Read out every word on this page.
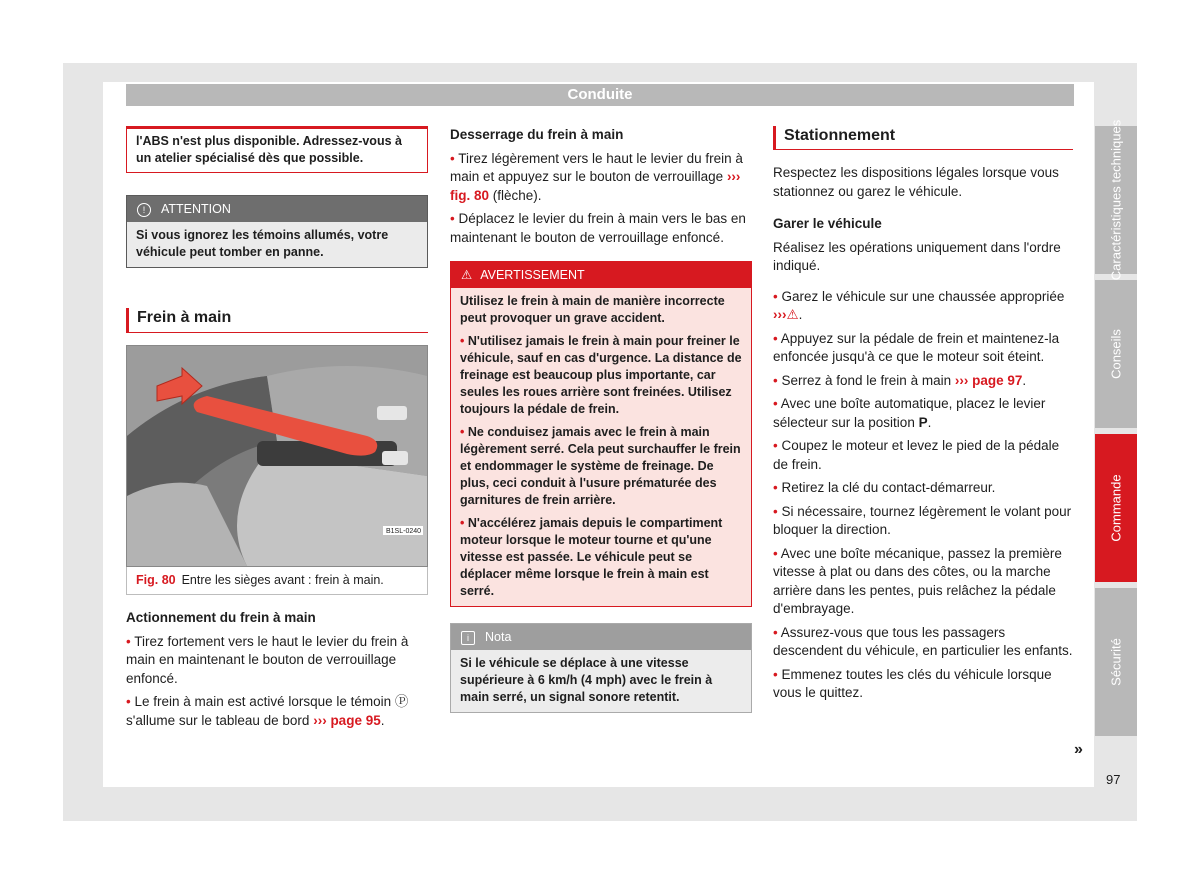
Conduite
l'ABS n'est plus disponible. Adressez-vous à un atelier spécialisé dès que possible.
! ATTENTION
Si vous ignorez les témoins allumés, votre véhicule peut tomber en panne.
Frein à main
B1SL-0240
Fig. 80 Entre les sièges avant : frein à main.

Actionnement du frein à main

• Tirez fortement vers le haut le levier du frein à main en maintenant le bouton de verrouillage enfoncé.

• Le frein à main est activé lorsque le témoin Ⓟ s'allume sur le tableau de bord ››› page 95.

Desserrage du frein à main

• Tirez légèrement vers le haut le levier du frein à main et appuyez sur le bouton de verrouillage ››› fig. 80 (flèche).

• Déplacez le levier du frein à main vers le bas en maintenant le bouton de verrouillage enfoncé.

⚠ AVERTISSEMENT

Utilisez le frein à main de manière incorrecte peut provoquer un grave accident.

• N'utilisez jamais le frein à main pour freiner le véhicule, sauf en cas d'urgence. La distance de freinage est beaucoup plus importante, car seules les roues arrière sont freinées. Utilisez toujours la pédale de frein.

• Ne conduisez jamais avec le frein à main légèrement serré. Cela peut surchauffer le frein et endommager le système de freinage. De plus, ceci conduit à l'usure prématurée des garnitures de frein arrière.

• N'accélérez jamais depuis le compartiment moteur lorsque le moteur tourne et qu'une vitesse est passée. Le véhicule peut se déplacer même lorsque le frein à main est serré.

i Nota
Si le véhicule se déplace à une vitesse supérieure à 6 km/h (4 mph) avec le frein à main serré, un signal sonore retentit.
Stationnement

Respectez les dispositions légales lorsque vous stationnez ou garez le véhicule.

Garer le véhicule

Réalisez les opérations uniquement dans l'ordre indiqué.

• Garez le véhicule sur une chaussée appropriée ›››⚠.

• Appuyez sur la pédale de frein et maintenez-la enfoncée jusqu'à ce que le moteur soit éteint.

• Serrez à fond le frein à main ››› page 97.

• Avec une boîte automatique, placez le levier sélecteur sur la position P.

• Coupez le moteur et levez le pied de la pédale de frein.

• Retirez la clé du contact-démarreur.

• Si nécessaire, tournez légèrement le volant pour bloquer la direction.

• Avec une boîte mécanique, passez la première vitesse à plat ou dans des côtes, ou la marche arrière dans les pentes, puis relâchez la pédale d'embrayage.

• Assurez-vous que tous les passagers descendent du véhicule, en particulier les enfants.

• Emmenez toutes les clés du véhicule lorsque vous le quittez.

»
Caractéristiques techniques
Conseils
Commande
Sécurité
97
